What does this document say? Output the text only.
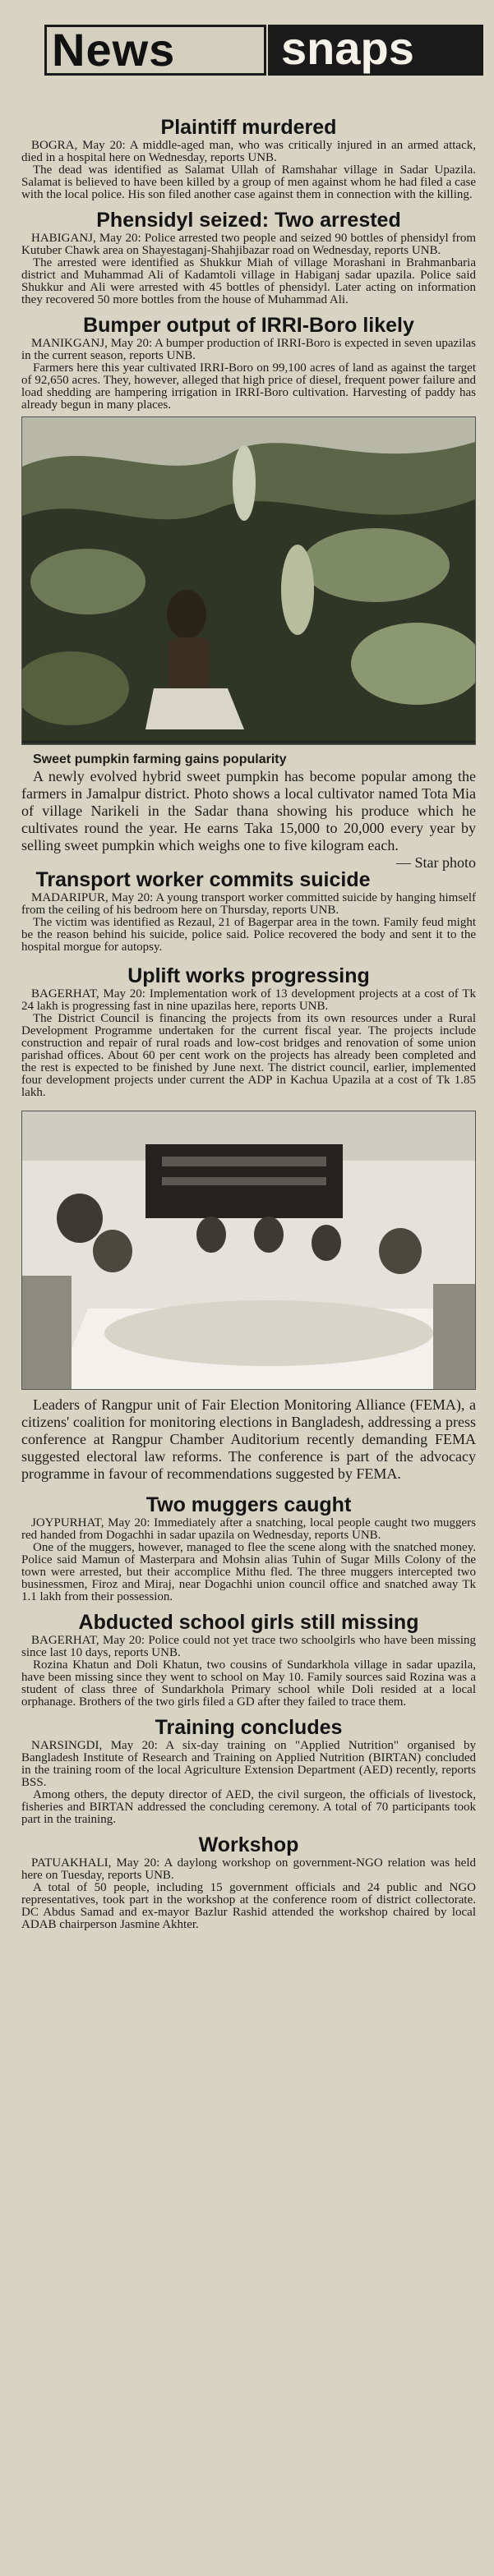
News	snaps
Plaintiff murdered

BOGRA, May 20: A middle-aged man, who was critically injured in an armed attack, died in a hospital here on Wednesday, reports UNB.

The dead was identified as Salamat Ullah of Ramshahar village in Sadar Upazila. Salamat is believed to have been killed by a group of men against whom he had filed a case with the local police. His son filed another case against them in connection with the killing.

Phensidyl seized: Two arrested

HABIGANJ, May 20: Police arrested two people and seized 90 bottles of phensidyl from Kutuber Chawk area on Shayestaganj-Shahjibazar road on Wednesday, reports UNB.

The arrested were identified as Shukkur Miah of village Morashani in Brahmanbaria district and Muhammad Ali of Kadamtoli village in Habiganj sadar upazila. Police said Shukkur and Ali were arrested with 45 bottles of phensidyl. Later acting on information they recovered 50 more bottles from the house of Muhammad Ali.

Bumper output of IRRI-Boro likely

MANIKGANJ, May 20: A bumper production of IRRI-Boro is expected in seven upazilas in the current season, reports UNB.

Farmers here this year cultivated IRRI-Boro on 99,100 acres of land as against the target of 92,650 acres. They, however, alleged that high price of diesel, frequent power failure and load shedding are hampering irrigation in IRRI-Boro cultivation. Harvesting of paddy has already begun in many places.

Sweet pumpkin farming gains popularity

A newly evolved hybrid sweet pumpkin has become popular among the farmers in Jamalpur district. Photo shows a local cultivator named Tota Mia of village Narikeli in the Sadar thana showing his produce which he cultivates round the year. He earns Taka 15,000 to 20,000 every year by selling sweet pumpkin which weighs one to five kilogram each.
— Star photo

Transport worker commits suicide

MADARIPUR, May 20: A young transport worker committed suicide by hanging himself from the ceiling of his bedroom here on Thursday, reports UNB.

The victim was identified as Rezaul, 21 of Bagerpar area in the town. Family feud might be the reason behind his suicide, police said. Police recovered the body and sent it to the hospital morgue for autopsy.

Uplift works progressing

BAGERHAT, May 20: Implementation work of 13 development projects at a cost of Tk 24 lakh is progressing fast in nine upazilas here, reports UNB.

The District Council is financing the projects from its own resources under a Rural Development Programme undertaken for the current fiscal year. The projects include construction and repair of rural roads and low-cost bridges and renovation of some union parishad offices. About 60 per cent work on the projects has already been completed and the rest is expected to be finished by June next. The district council, earlier, implemented four development projects under current the ADP in Kachua Upazila at a cost of Tk 1.85 lakh.

Leaders of Rangpur unit of Fair Election Monitoring Alliance (FEMA), a citizens' coalition for monitoring elections in Bangladesh, addressing a press conference at Rangpur Chamber Auditorium recently demanding FEMA suggested electoral law reforms. The conference is part of the advocacy programme in favour of recommendations suggested by FEMA.

Two muggers caught

JOYPURHAT, May 20: Immediately after a snatching, local people caught two muggers red handed from Dogachhi in sadar upazila on Wednesday, reports UNB.

One of the muggers, however, managed to flee the scene along with the snatched money. Police said Mamun of Masterpara and Mohsin alias Tuhin of Sugar Mills Colony of the town were arrested, but their accomplice Mithu fled. The three muggers intercepted two businessmen, Firoz and Miraj, near Dogachhi union council office and snatched away Tk 1.1 lakh from their possession.

Abducted school girls still missing

BAGERHAT, May 20: Police could not yet trace two schoolgirls who have been missing since last 10 days, reports UNB.

Rozina Khatun and Doli Khatun, two cousins of Sundarkhola village in sadar upazila, have been missing since they went to school on May 10. Family sources said Rozina was a student of class three of Sundarkhola Primary school while Doli resided at a local orphanage. Brothers of the two girls filed a GD after they failed to trace them.

Training concludes

NARSINGDI, May 20: A six-day training on "Applied Nutrition" organised by Bangladesh Institute of Research and Training on Applied Nutrition (BIRTAN) concluded in the training room of the local Agriculture Extension Department (AED) recently, reports BSS.

Among others, the deputy director of AED, the civil surgeon, the officials of livestock, fisheries and BIRTAN addressed the concluding ceremony. A total of 70 participants took part in the training.

Workshop

PATUAKHALI, May 20: A daylong workshop on government-NGO relation was held here on Tuesday, reports UNB.

A total of 50 people, including 15 government officials and 24 public and NGO representatives, took part in the workshop at the conference room of district collectorate. DC Abdus Samad and ex-mayor Bazlur Rashid attended the workshop chaired by local ADAB chairperson Jasmine Akhter.
